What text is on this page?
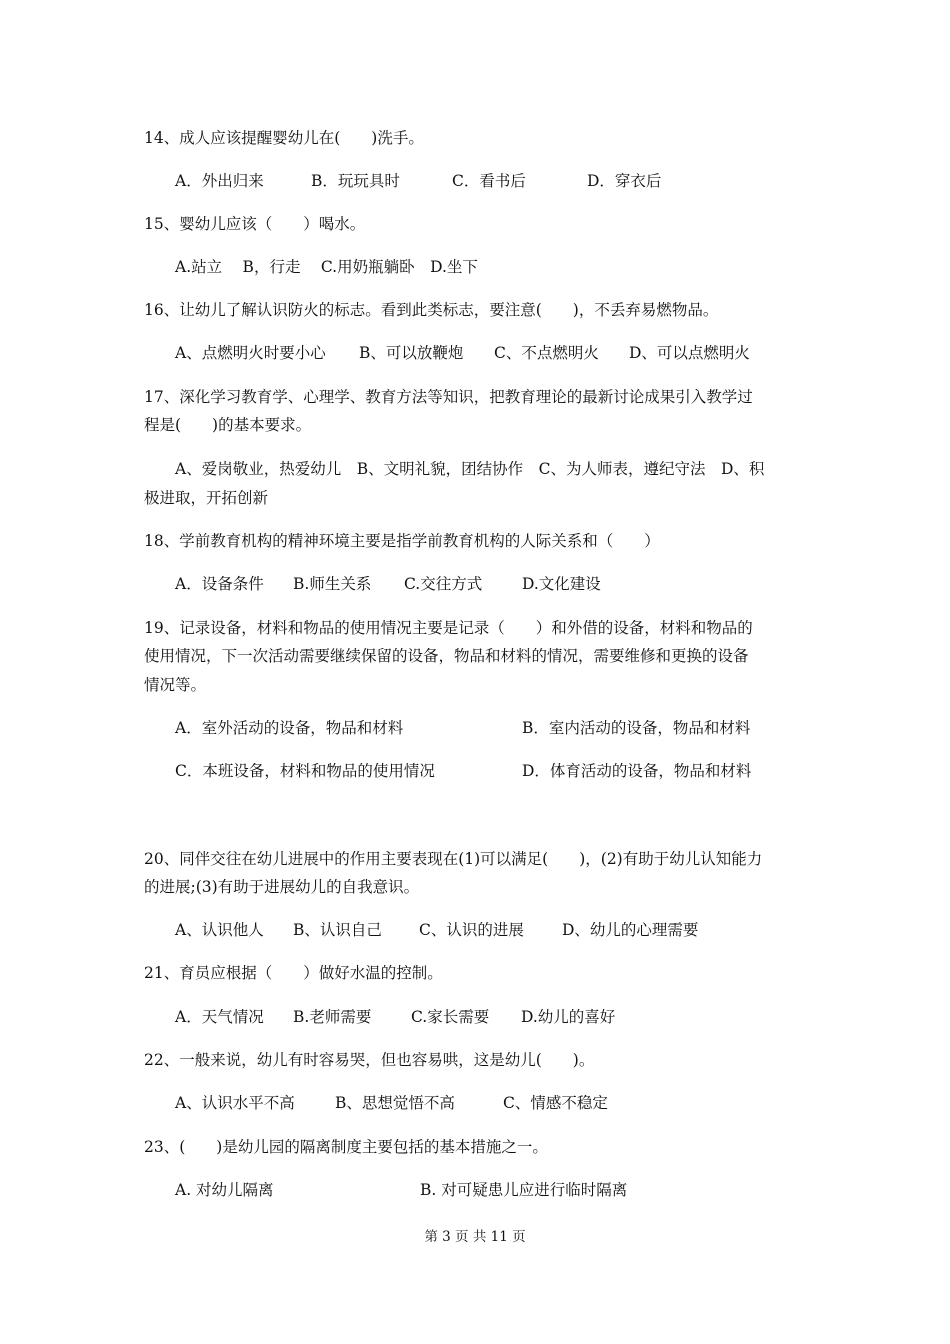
14、成人应该提醒婴幼儿在(　　)洗手。
A．外出归来	B．玩玩具时	C．看书后	D．穿衣后
15、婴幼儿应该（　　）喝水。
A.站立　 B，行走　 C.用奶瓶躺卧　D.坐下
16、让幼儿了解认识防火的标志。看到此类标志，要注意(　　)，不丢弃易燃物品。
A、点燃明火时要小心 B、可以放鞭炮 C、不点燃明火 D、可以点燃明火
17、深化学习教育学、心理学、教育方法等知识，把教育理论的最新讨论成果引入教学过
程是(　　)的基本要求。
A、爱岗敬业，热爱幼儿　B、文明礼貌，团结协作　C、为人师表，遵纪守法　D、积
极进取，开拓创新
18、学前教育机构的精神环境主要是指学前教育机构的人际关系和（　　）
A．设备条件 B.师生关系 C.交往方式	D.文化建设
19、记录设备，材料和物品的使用情况主要是记录（　　）和外借的设备，材料和物品的
使用情况，下一次活动需要继续保留的设备，物品和材料的情况，需要维修和更换的设备
情况等。
A．室外活动的设备，物品和材料	B．室内活动的设备，物品和材料
C．本班设备，材料和物品的使用情况	D．体育活动的设备，物品和材料
20、同伴交往在幼儿进展中的作用主要表现在(1)可以满足(　　)，(2)有助于幼儿认知能力
的进展;(3)有助于进展幼儿的自我意识。
A、认识他人 B、认识自己 C、认识的进展 D、幼儿的心理需要
21、育员应根据（　　）做好水温的控制。
A．天气情况 B.老师需要	C.家长需要 D.幼儿的喜好
22、一般来说，幼儿有时容易哭，但也容易哄，这是幼儿(　　)。
A、认识水平不高	B、思想觉悟不高	C、情感不稳定
23、(　　)是幼儿园的隔离制度主要包括的基本措施之一。
A. 对幼儿隔离	B. 对可疑患儿应进行临时隔离
第 3 页 共 11 页
